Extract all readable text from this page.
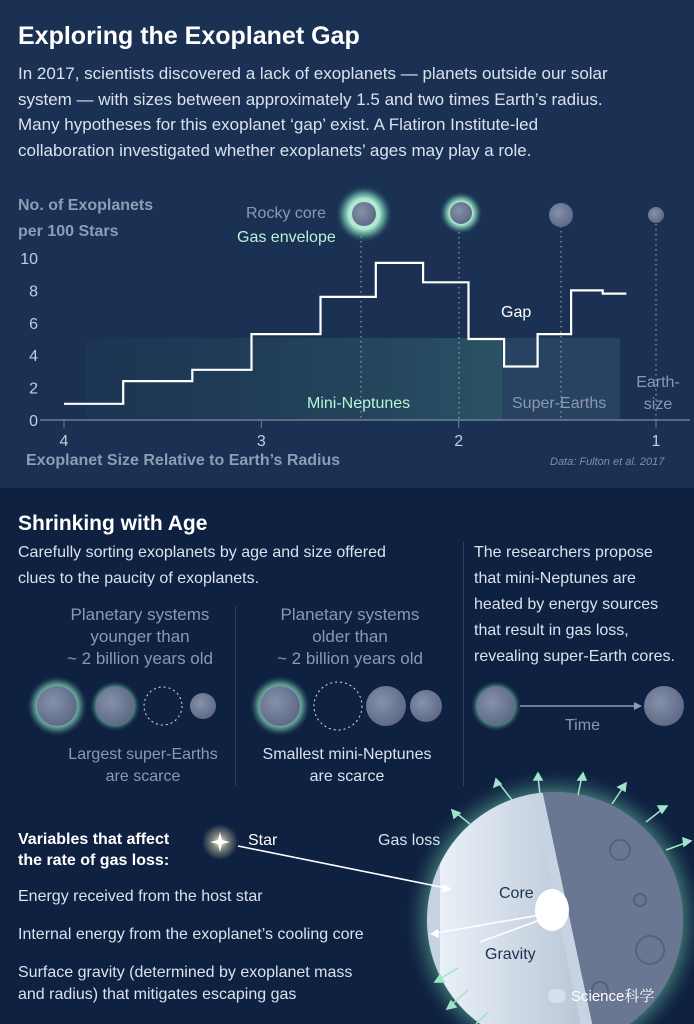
Exploring the Exoplanet Gap
In 2017, scientists discovered a lack of exoplanets — planets outside our solar
system — with sizes between approximately 1.5 and two times Earth’s radius.
Many hypotheses for this exoplanet ‘gap’ exist. A Flatiron Institute-led
collaboration investigated whether exoplanets’ ages may play a role.
0
2
4
6
8
10
4	3	2	1
No. of Exoplanets
per 100 Stars
Rocky core
Gas envelope
Gap
Mini-Neptunes	Super-Earths
Earth-
size
Exoplanet Size Relative to Earth’s Radius	Data: Fulton et al. 2017
Shrinking with Age
Carefully sorting exoplanets by age and size offered
clues to the paucity of exoplanets.
Planetary systems
younger than
~ 2 billion years old
Planetary systems
older than
~ 2 billion years old
Largest super-Earths
are scarce
Smallest mini-Neptunes
are scarce
The researchers propose
that mini-Neptunes are
heated by energy sources
that result in gas loss,
revealing super-Earth cores.
Time
Variables that affect
the rate of gas loss:
Energy received from the host star
Internal energy from the exoplanet’s cooling core
Surface gravity (determined by exoplanet mass
and radius) that mitigates escaping gas
Star	Gas loss
Core
Gravity
Science科学
